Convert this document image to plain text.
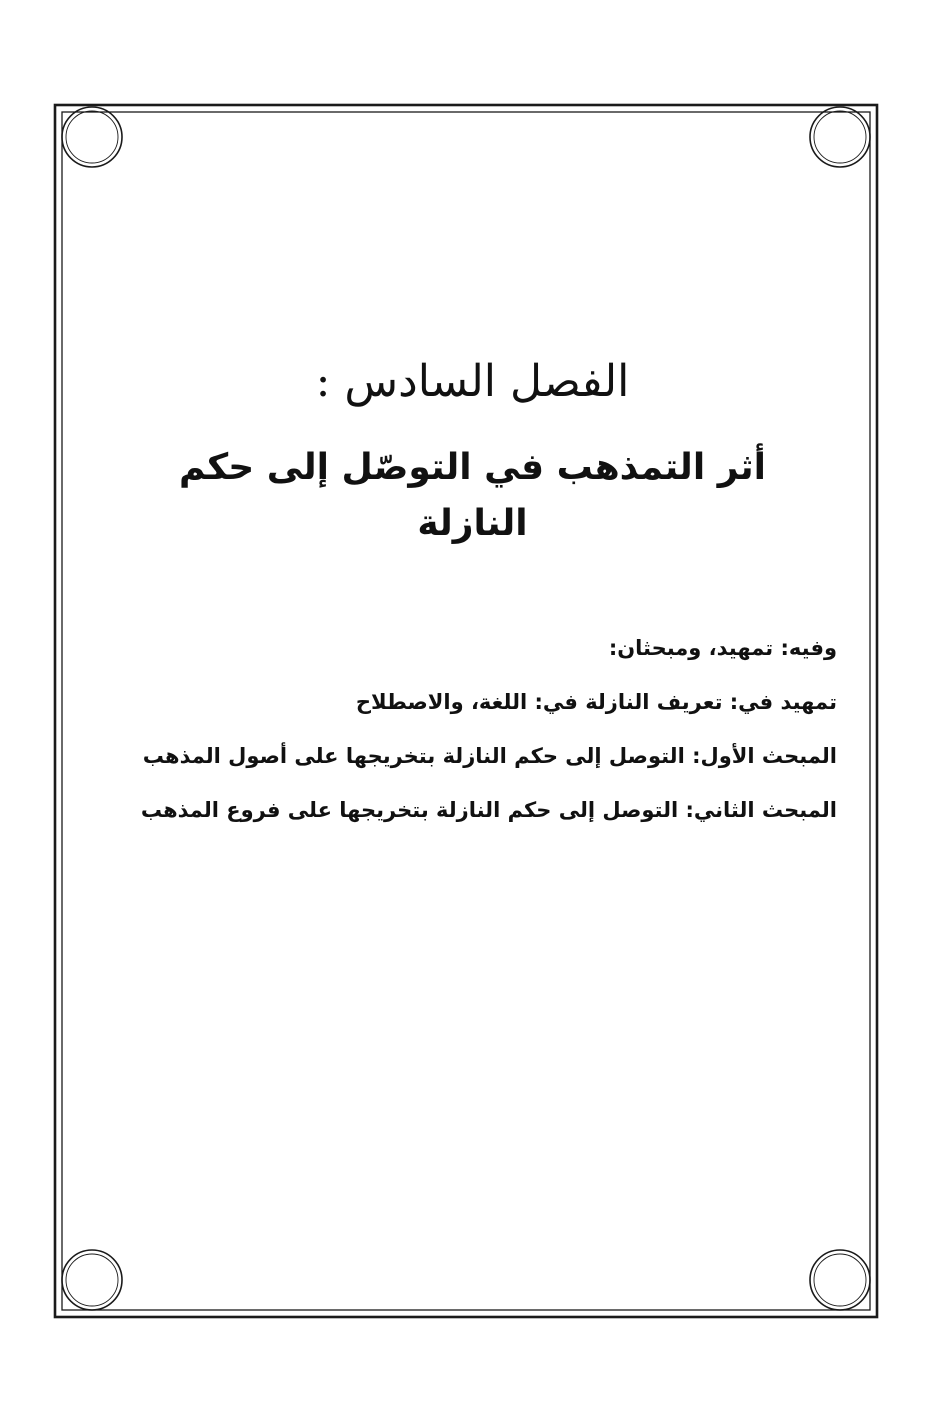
الفصل السادس :
أثر التمذهب في التوصّل إلى حكم النازلة
وفيه: تمهيد، ومبحثان:
تمهيد في: تعريف النازلة في: اللغة، والاصطلاح
المبحث الأول: التوصل إلى حكم النازلة بتخريجها على أصول المذهب
المبحث الثاني: التوصل إلى حكم النازلة بتخريجها على فروع المذهب
